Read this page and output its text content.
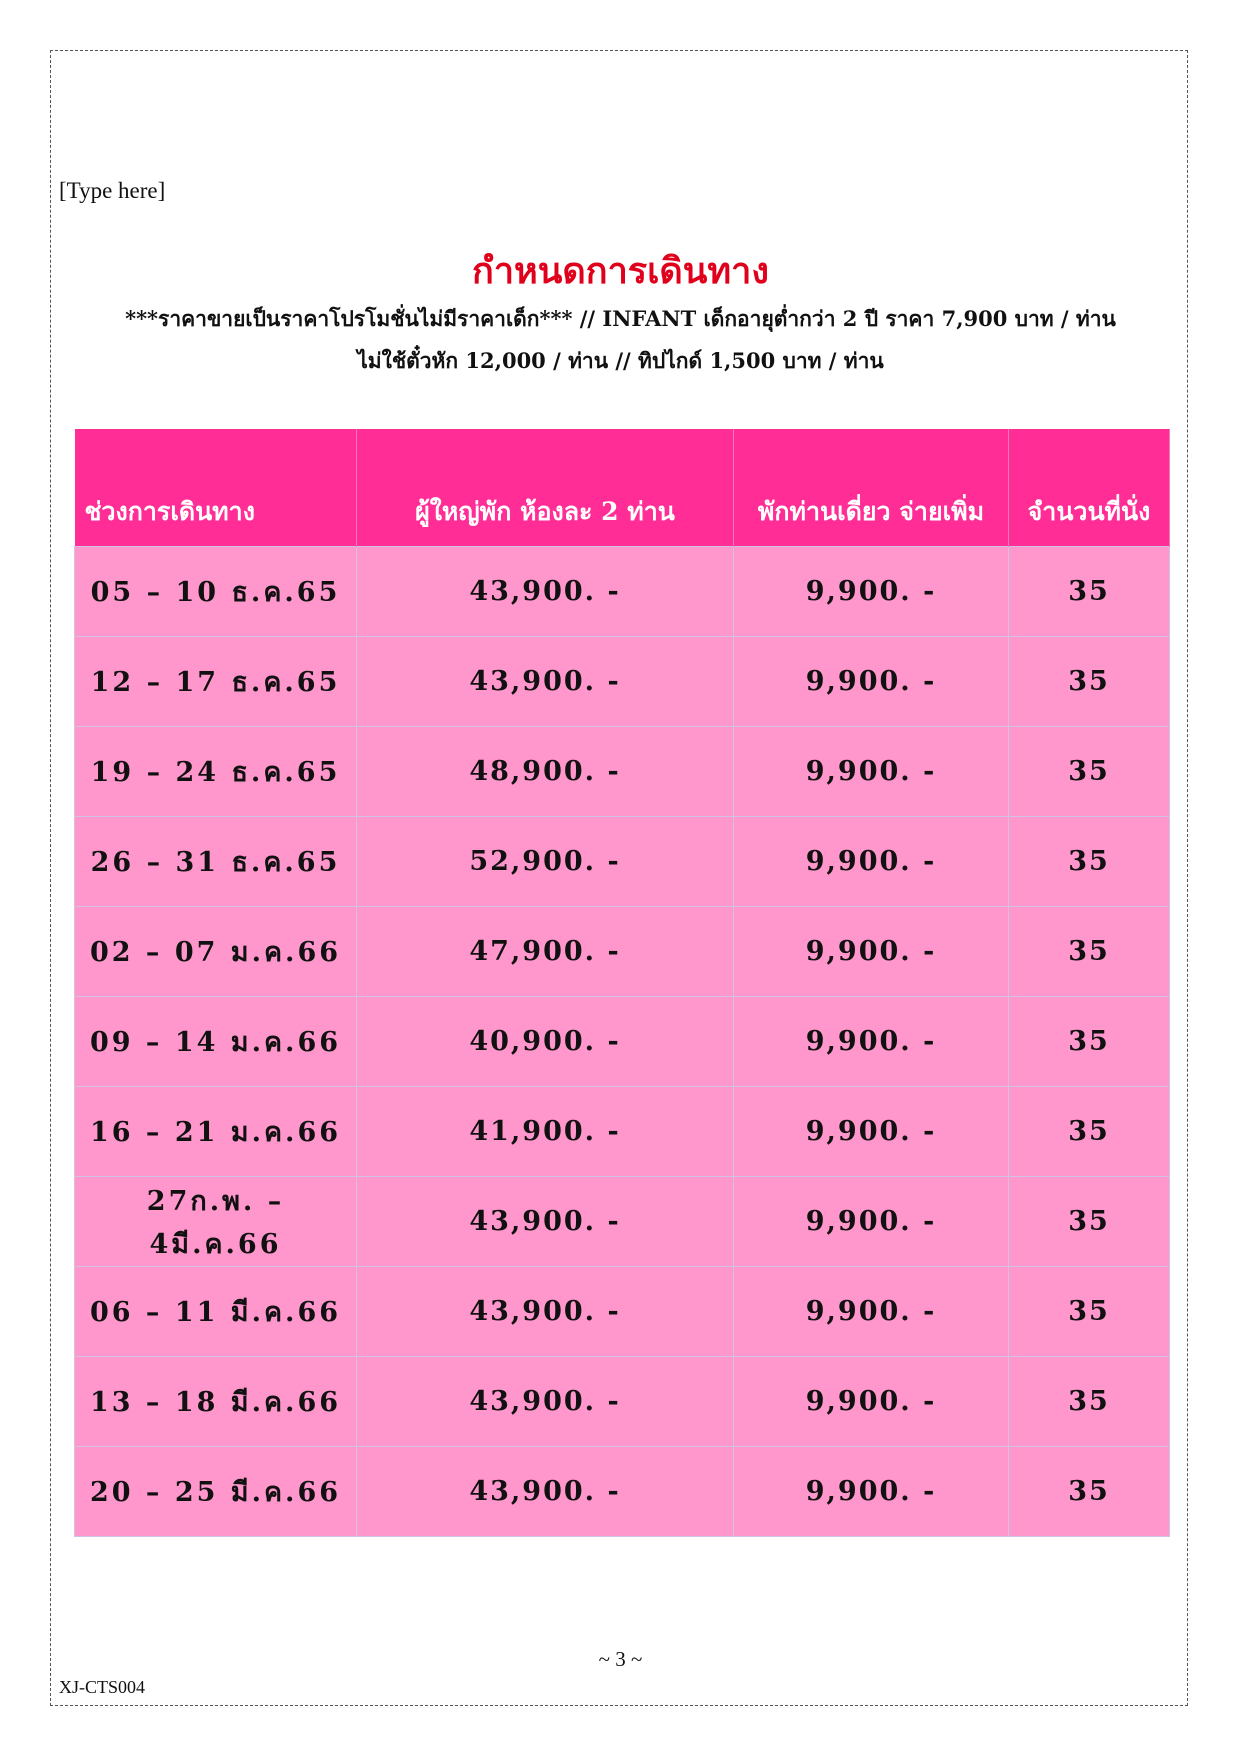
[Type here]
กำหนดการเดินทาง
***ราคาขายเป็นราคาโปรโมชั่นไม่มีราคาเด็ก*** // INFANT เด็กอายุต่ำกว่า 2 ปี ราคา 7,900 บาท / ท่าน
ไม่ใช้ตั๋วหัก 12,000 / ท่าน // ทิปไกด์ 1,500 บาท / ท่าน
ช่วงการเดินทาง	ผู้ใหญ่พัก ห้องละ 2 ท่าน	พักท่านเดี่ยว จ่ายเพิ่ม	จำนวนที่นั่ง
05 – 10 ธ.ค.65	43,900. -	9,900. -	35
12 – 17 ธ.ค.65	43,900. -	9,900. -	35
19 – 24 ธ.ค.65	48,900. -	9,900. -	35
26 – 31 ธ.ค.65	52,900. -	9,900. -	35
02 – 07 ม.ค.66	47,900. -	9,900. -	35
09 – 14 ม.ค.66	40,900. -	9,900. -	35
16 – 21 ม.ค.66	41,900. -	9,900. -	35
27ก.พ. – 4มี.ค.66	43,900. -	9,900. -	35
06 – 11 มี.ค.66	43,900. -	9,900. -	35
13 – 18 มี.ค.66	43,900. -	9,900. -	35
20 – 25 มี.ค.66	43,900. -	9,900. -	35
~ 3 ~
XJ-CTS004
